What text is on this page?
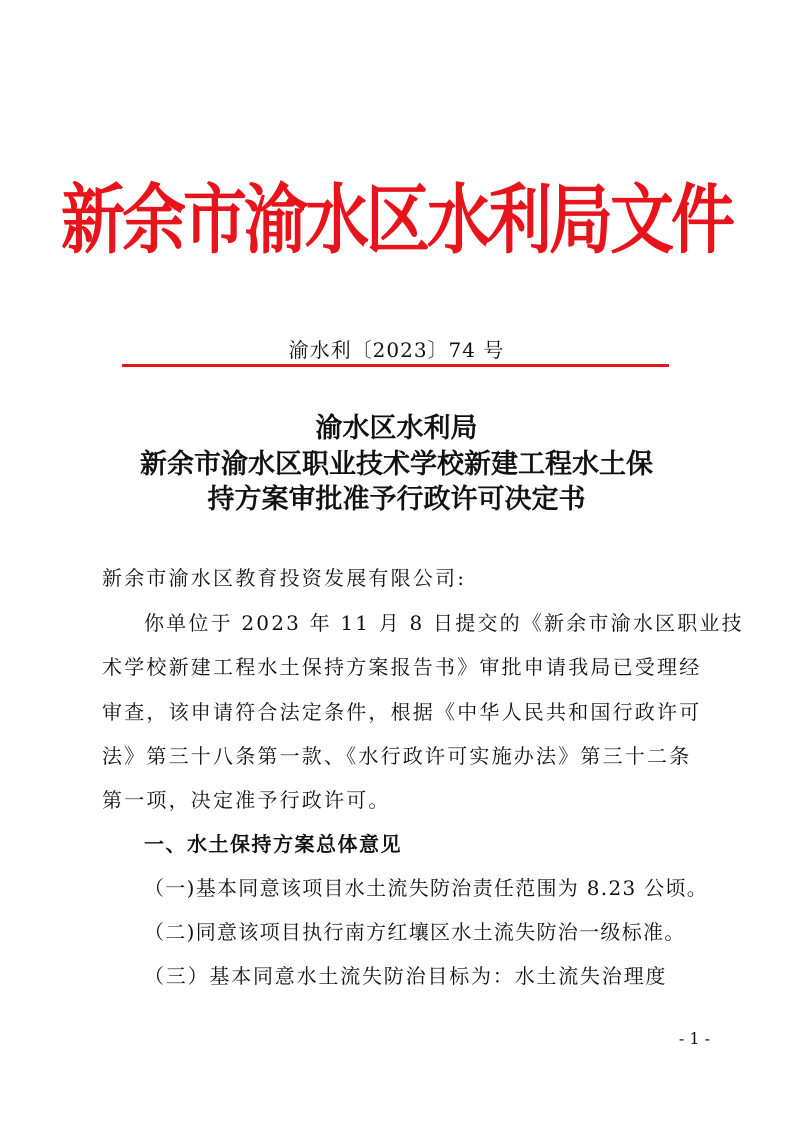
新余市渝水区水利局文件
渝水利〔2023〕74 号
渝水区水利局
新余市渝水区职业技术学校新建工程水土保
持方案审批准予行政许可决定书
新余市渝水区教育投资发展有限公司:
你单位于 2023 年 11 月 8 日提交的《新余市渝水区职业技
术学校新建工程水土保持方案报告书》审批申请我局已受理经
审查，该申请符合法定条件，根据《中华人民共和国行政许可
法》第三十八条第一款、《水行政许可实施办法》第三十二条
第一项，决定准予行政许可。
一、水土保持方案总体意见
（一)基本同意该项目水土流失防治责任范围为 8.23 公顷。
（二)同意该项目执行南方红壤区水土流失防治一级标准。
（三）基本同意水土流失防治目标为：水土流失治理度
- 1 -
